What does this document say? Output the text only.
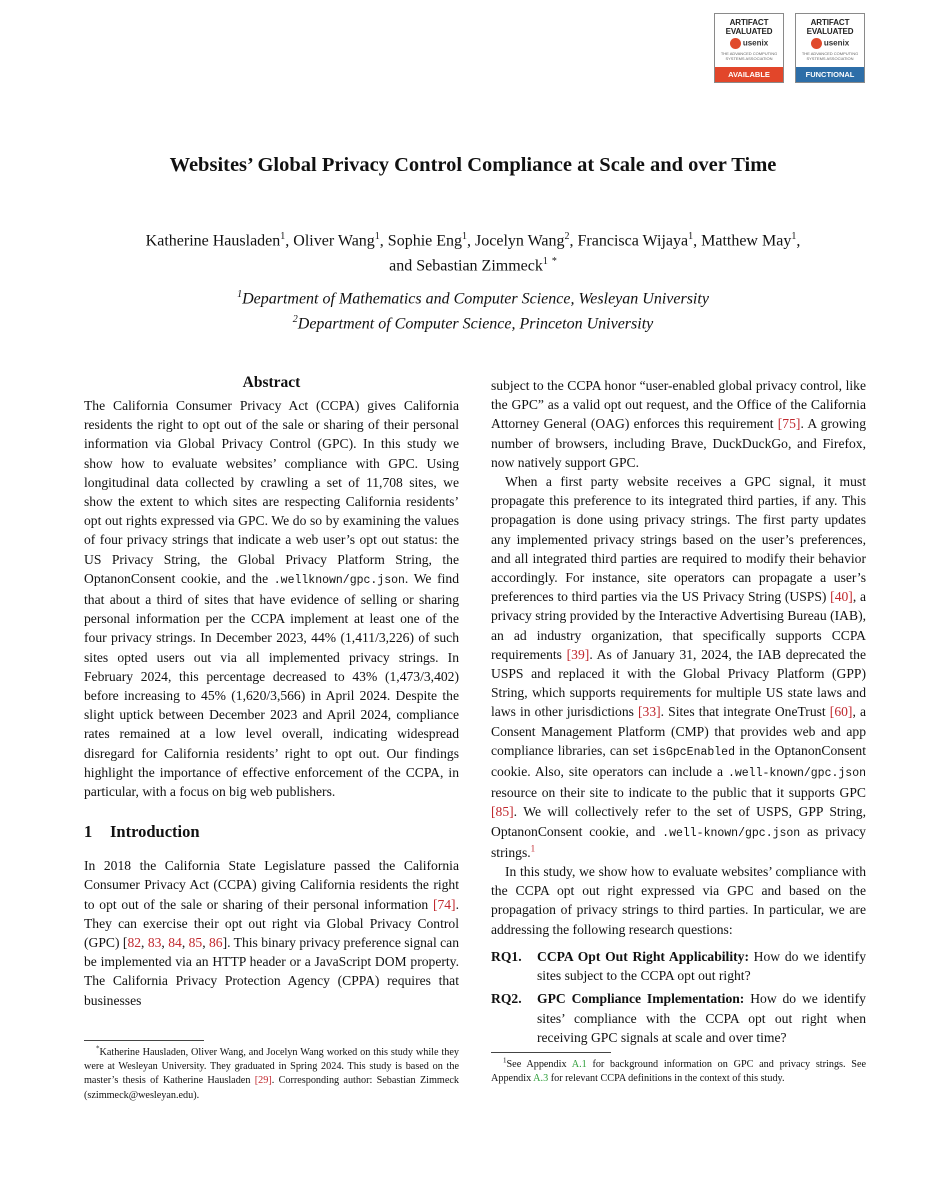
ARTIFACT
EVALUATED
usenix
THE ADVANCED COMPUTING SYSTEMS ASSOCIATION
AVAILABLE
ARTIFACT
EVALUATED
usenix
THE ADVANCED COMPUTING SYSTEMS ASSOCIATION
FUNCTIONAL
Websites’ Global Privacy Control Compliance at Scale and over Time
Katherine Hausladen$^1$, Oliver Wang$^1$, Sophie Eng$^1$, Jocelyn Wang$^2$, Francisca Wijaya$^1$, Matthew May$^1$,
and Sebastian Zimmeck$^1$ *
$^1$Department of Mathematics and Computer Science, Wesleyan University
$^2$Department of Computer Science, Princeton University

Abstract

The California Consumer Privacy Act (CCPA) gives California residents the right to opt out of the sale or sharing of their personal information via Global Privacy Control (GPC). In this study we show how to evaluate websites’ compliance with GPC. Using longitudinal data collected by crawling a set of 11,708 sites, we show the extent to which sites are respecting California residents’ opt out rights expressed via GPC. We do so by examining the values of four privacy strings that indicate a web user’s opt out status: the US Privacy String, the Global Privacy Platform String, the OptanonConsent cookie, and the .wellknown/gpc.json. We find that about a third of sites that have evidence of selling or sharing personal information per the CCPA implement at least one of the four privacy strings. In December 2023, 44% (1,411/3,226) of such sites opted users out via all implemented privacy strings. In February 2024, this percentage decreased to 43% (1,473/3,402) before increasing to 45% (1,620/3,566) in April 2024. Despite the slight uptick between December 2023 and April 2024, compliance rates remained at a low level overall, indicating widespread disregard for California residents’ right to opt out. Our findings highlight the importance of effective enforcement of the CCPA, in particular, with a focus on big web publishers.

1 Introduction

In 2018 the California State Legislature passed the California Consumer Privacy Act (CCPA) giving California residents the right to opt out of the sale or sharing of their personal information [74]. They can exercise their opt out right via Global Privacy Control (GPC) [82, 83, 84, 85, 86]. This binary privacy preference signal can be implemented via an HTTP header or a JavaScript DOM property. The California Privacy Protection Agency (CPPA) requires that businesses

*Katherine Hausladen, Oliver Wang, and Jocelyn Wang worked on this study while they were at Wesleyan University. They graduated in Spring 2024. This study is based on the master’s thesis of Katherine Hausladen [29]. Corresponding author: Sebastian Zimmeck (szimmeck@wesleyan.edu).

subject to the CCPA honor “user-enabled global privacy control, like the GPC” as a valid opt out request, and the Office of the California Attorney General (OAG) enforces this requirement [75]. A growing number of browsers, including Brave, DuckDuckGo, and Firefox, now natively support GPC.

When a first party website receives a GPC signal, it must propagate this preference to its integrated third parties, if any. This propagation is done using privacy strings. The first party updates any implemented privacy strings based on the user’s preferences, and all integrated third parties are required to modify their behavior accordingly. For instance, site operators can propagate a user’s preferences to third parties via the US Privacy String (USPS) [40], a privacy string provided by the Interactive Advertising Bureau (IAB), an ad industry organization, that specifically supports CCPA requirements [39]. As of January 31, 2024, the IAB deprecated the USPS and replaced it with the Global Privacy Platform (GPP) String, which supports requirements for multiple US state laws and laws in other jurisdictions [33]. Sites that integrate OneTrust [60], a Consent Management Platform (CMP) that provides web and app compliance libraries, can set isGpcEnabled in the OptanonConsent cookie. Also, site operators can include a .well-known/gpc.json resource on their site to indicate to the public that it supports GPC [85]. We will collectively refer to the set of USPS, GPP String, OptanonConsent cookie, and .well-known/gpc.json as privacy strings.$^1$

In this study, we show how to evaluate websites’ compliance with the CCPA opt out right expressed via GPC and based on the propagation of privacy strings to third parties. In particular, we are addressing the following research questions:

RQ1.	CCPA Opt Out Right Applicability: How do we identify sites subject to the CCPA opt out right?
RQ2.	GPC Compliance Implementation: How do we identify sites’ compliance with the CCPA opt out right when receiving GPC signals at scale and over time?

$^1$See Appendix A.1 for background information on GPC and privacy strings. See Appendix A.3 for relevant CCPA definitions in the context of this study.
